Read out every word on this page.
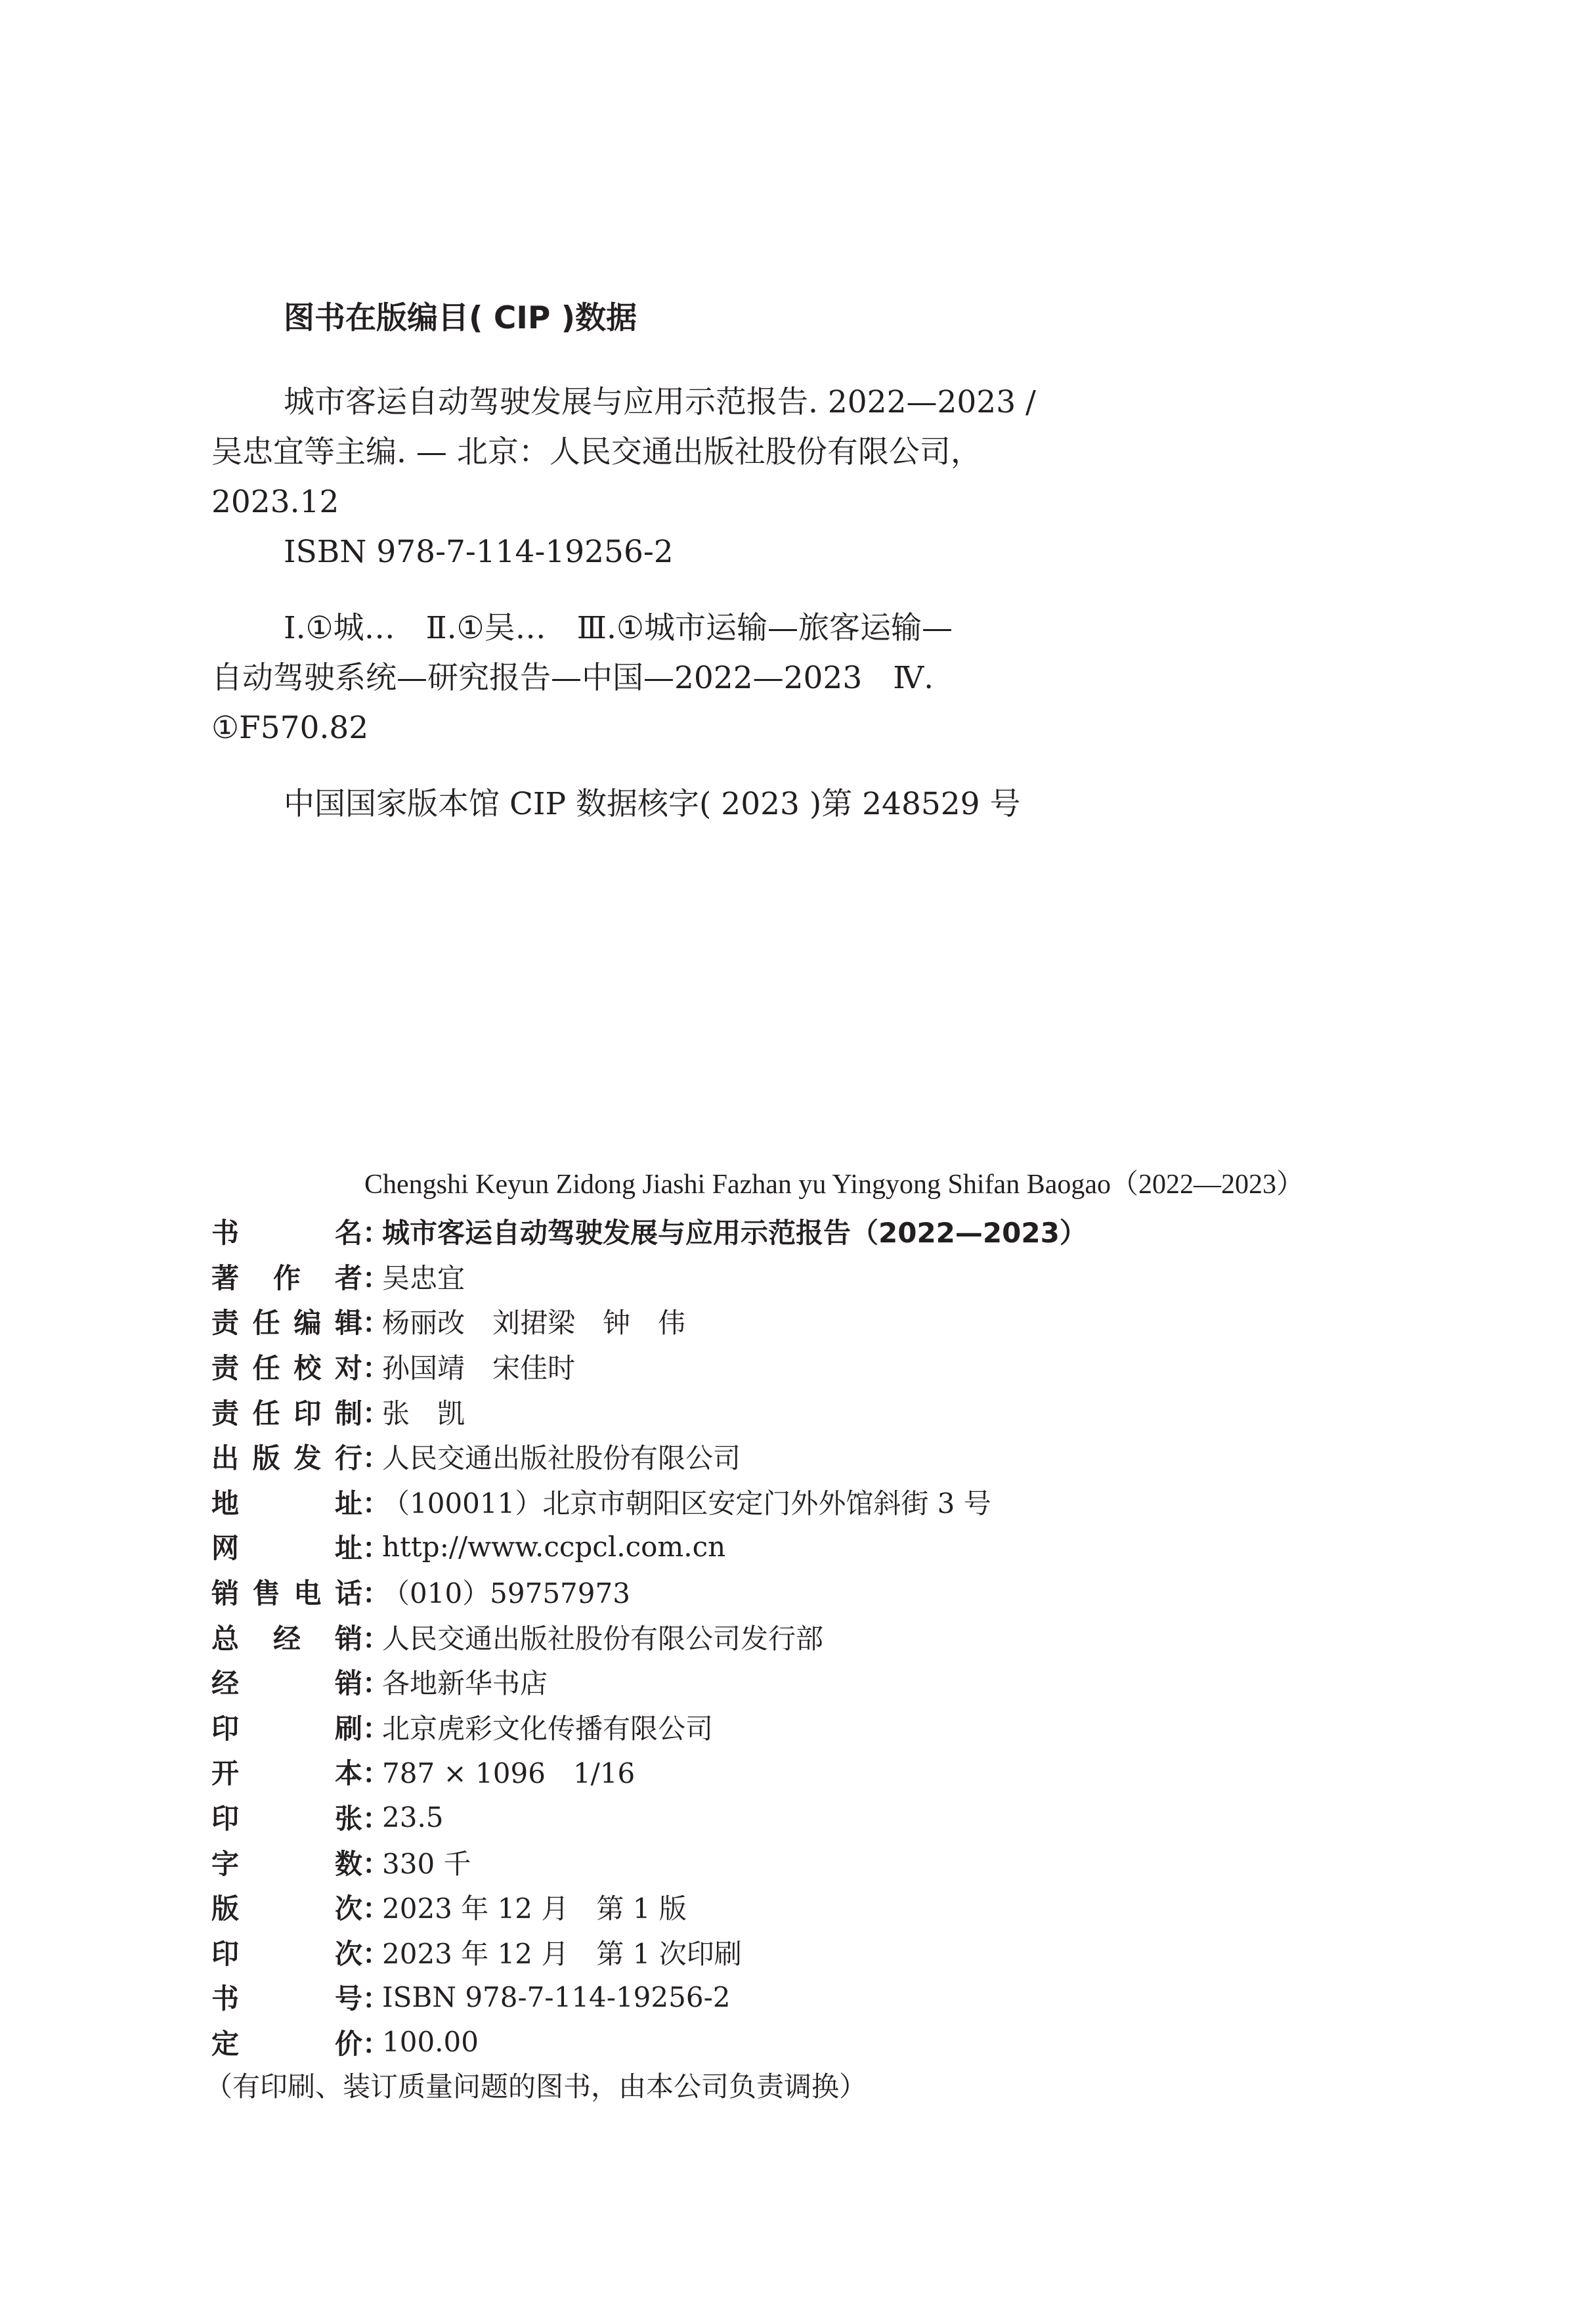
图书在版编目( CIP )数据

城市客运自动驾驶发展与应用示范报告. 2022—2023 /

吴忠宜等主编. — 北京：人民交通出版社股份有限公司，

2023.12

ISBN 978-7-114-19256-2

Ⅰ.①城…　Ⅱ.①吴…　Ⅲ.①城市运输—旅客运输—

自动驾驶系统—研究报告—中国—2022—2023　Ⅳ.

①F570.82

中国国家版本馆 CIP 数据核字( 2023 )第 248529 号

Chengshi Keyun Zidong Jiashi Fazhan yu Yingyong Shifan Baogao（2022—2023）
书	名 ：
城市客运自动驾驶发展与应用示范报告（2022—2023）
著 作 者 ：
吴忠宜
责 任 编 辑 ：
杨丽改　刘捃梁　钟　伟
责 任 校 对 ：
孙国靖　宋佳时
责 任 印 制 ：
张　凯
出 版 发 行 ：
人民交通出版社股份有限公司
地	址 ：
（100011）北京市朝阳区安定门外外馆斜街 3 号
网	址 ：
http://www.ccpcl.com.cn
销 售 电 话 ：
（010）59757973
总 经 销 ：
人民交通出版社股份有限公司发行部
经	销 ：
各地新华书店
印	刷 ：
北京虎彩文化传播有限公司
开	本 ：
787 × 1096　1/16
印	张 ：
23.5
字	数 ：
330 千
版	次 ：
2023 年 12 月　第 1 版
印	次 ：
2023 年 12 月　第 1 次印刷
书	号 ：
ISBN 978-7-114-19256-2
定	价 ：
100.00
（有印刷、装订质量问题的图书，由本公司负责调换）
